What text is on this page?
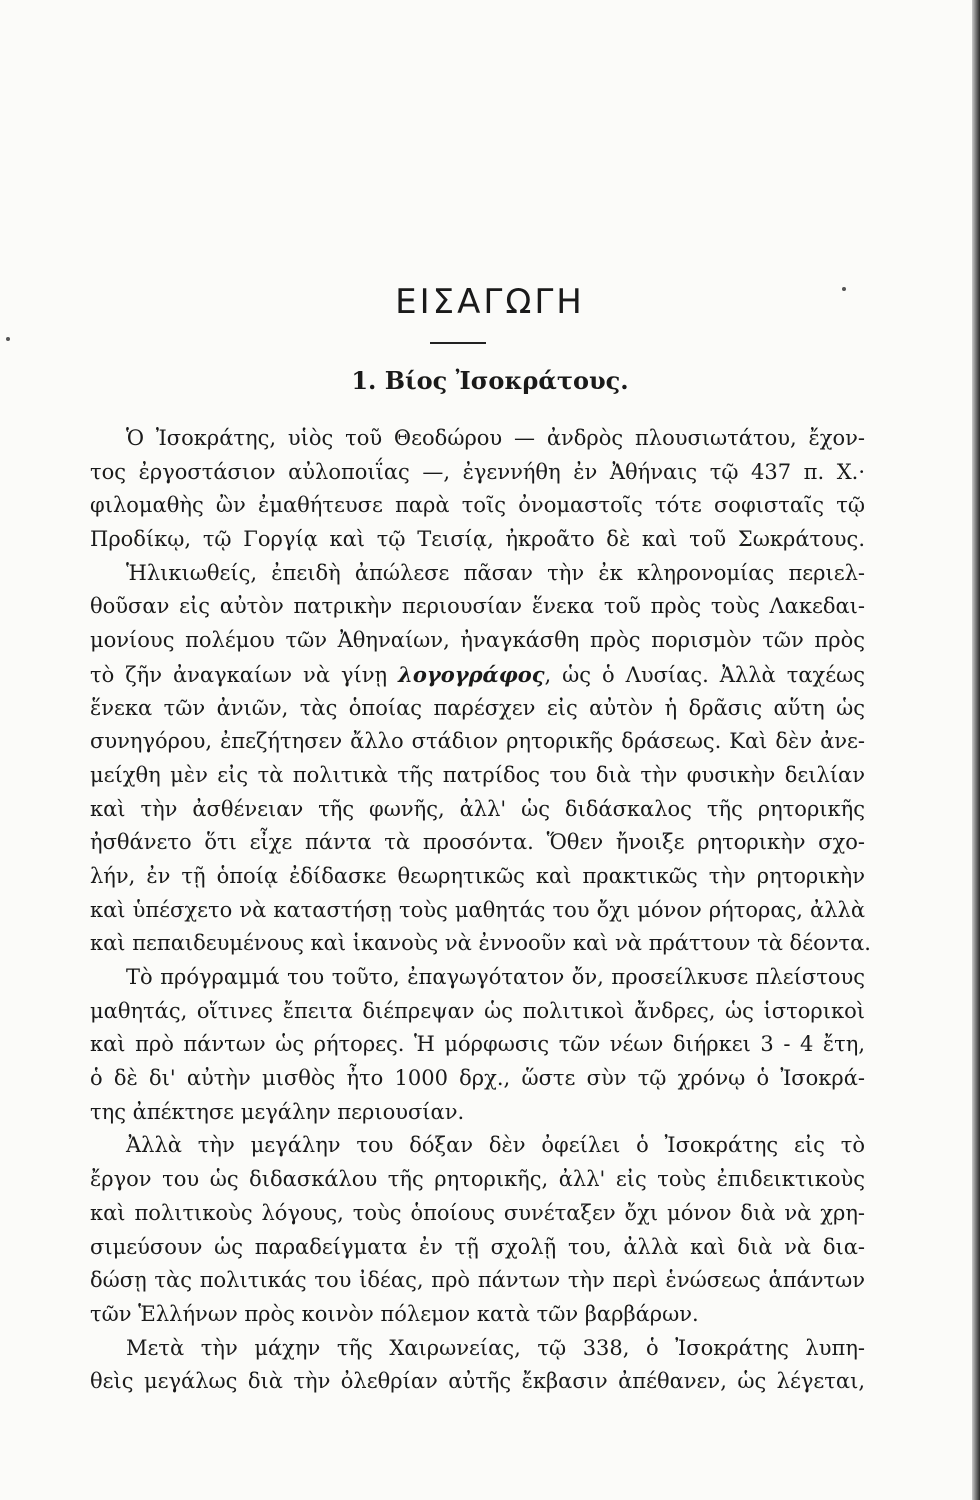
ΕΙΣΑΓΩΓΗ
1. Βίος Ἰσοκράτους.
Ὁ Ἰσοκράτης, υἱὸς τοῦ Θεοδώρου — ἀνδρὸς πλουσιωτάτου, ἔχον-
τος ἐργοστάσιον αὐλοποιΐας —, ἐγεννήθη ἐν Ἀθήναις τῷ 437 π. Χ.·
φιλομαθὴς ὢν ἐμαθήτευσε παρὰ τοῖς ὀνομαστοῖς τότε σοφισταῖς τῷ
Προδίκῳ, τῷ Γοργίᾳ καὶ τῷ Τεισίᾳ, ἠκροᾶτο δὲ καὶ τοῦ Σωκράτους.
Ἡλικιωθείς, ἐπειδὴ ἀπώλεσε πᾶσαν τὴν ἐκ κληρονομίας περιελ-
θοῦσαν εἰς αὐτὸν πατρικὴν περιουσίαν ἕνεκα τοῦ πρὸς τοὺς Λακεδαι-
μονίους πολέμου τῶν Ἀθηναίων, ἠναγκάσθη πρὸς πορισμὸν τῶν πρὸς
τὸ ζῆν ἀναγκαίων νὰ γίνῃ λογογράφος, ὡς ὁ Λυσίας. Ἀλλὰ ταχέως
ἕνεκα τῶν ἀνιῶν, τὰς ὁποίας παρέσχεν εἰς αὐτὸν ἡ δρᾶσις αὕτη ὡς
συνηγόρου, ἐπεζήτησεν ἄλλο στάδιον ρητορικῆς δράσεως. Καὶ δὲν ἀνε-
μείχθη μὲν εἰς τὰ πολιτικὰ τῆς πατρίδος του διὰ τὴν φυσικὴν δειλίαν
καὶ τὴν ἀσθένειαν τῆς φωνῆς, ἀλλ' ὡς διδάσκαλος τῆς ρητορικῆς
ἠσθάνετο ὅτι εἶχε πάντα τὰ προσόντα. Ὅθεν ἤνοιξε ρητορικὴν σχο-
λήν, ἐν τῇ ὁποίᾳ ἐδίδασκε θεωρητικῶς καὶ πρακτικῶς τὴν ρητορικὴν
καὶ ὑπέσχετο νὰ καταστήσῃ τοὺς μαθητάς του ὄχι μόνον ρήτορας, ἀλλὰ
καὶ πεπαιδευμένους καὶ ἱκανοὺς νὰ ἐννοοῦν καὶ νὰ πράττουν τὰ δέοντα.
Τὸ πρόγραμμά του τοῦτο, ἐπαγωγότατον ὄν, προσείλκυσε πλείστους
μαθητάς, οἵτινες ἔπειτα διέπρεψαν ὡς πολιτικοὶ ἄνδρες, ὡς ἱστορικοὶ
καὶ πρὸ πάντων ὡς ρήτορες. Ἡ μόρφωσις τῶν νέων διήρκει 3 - 4 ἔτη,
ὁ δὲ δι' αὐτὴν μισθὸς ἦτο 1000 δρχ., ὥστε σὺν τῷ χρόνῳ ὁ Ἰσοκρά-
της ἀπέκτησε μεγάλην περιουσίαν.
Ἀλλὰ τὴν μεγάλην του δόξαν δὲν ὀφείλει ὁ Ἰσοκράτης εἰς τὸ
ἔργον του ὡς διδασκάλου τῆς ρητορικῆς, ἀλλ' εἰς τοὺς ἐπιδεικτικοὺς
καὶ πολιτικοὺς λόγους, τοὺς ὁποίους συνέταξεν ὄχι μόνον διὰ νὰ χρη-
σιμεύσουν ὡς παραδείγματα ἐν τῇ σχολῇ του, ἀλλὰ καὶ διὰ νὰ δια-
δώσῃ τὰς πολιτικάς του ἰδέας, πρὸ πάντων τὴν περὶ ἑνώσεως ἁπάντων
τῶν Ἑλλήνων πρὸς κοινὸν πόλεμον κατὰ τῶν βαρβάρων.
Μετὰ τὴν μάχην τῆς Χαιρωνείας, τῷ 338, ὁ Ἰσοκράτης λυπη-
θεὶς μεγάλως διὰ τὴν ὀλεθρίαν αὐτῆς ἔκβασιν ἀπέθανεν, ὡς λέγεται,
